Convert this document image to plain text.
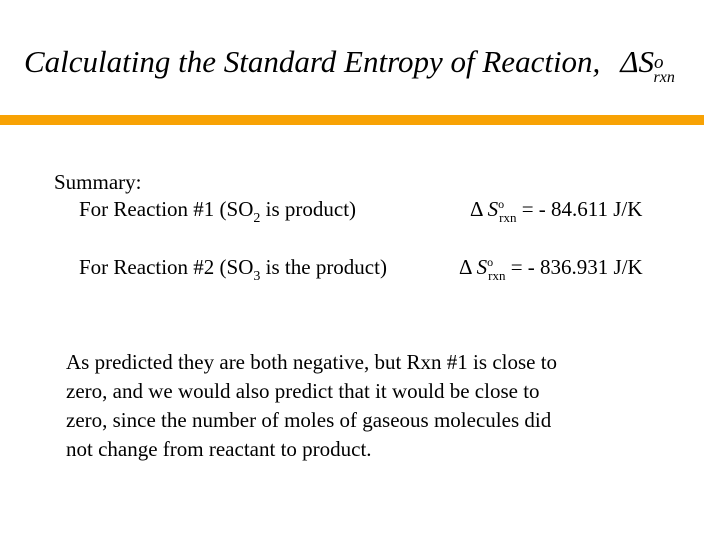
Calculating the Standard Entropy of Reaction, $\Delta S^o_{rxn}$
Summary:
For Reaction #1 ($SO_2$ is product)	Δ $S^o_{rxn}$ = - 84.611 J/K
For Reaction #2 ($SO_3$ is the product)	Δ $S^o_{rxn}$ = - 836.931 J/K
As predicted they are both negative, but Rxn #1 is close to
zero, and we would also predict that it would be close to
zero, since the number of moles of gaseous molecules did
not change from reactant to product.
